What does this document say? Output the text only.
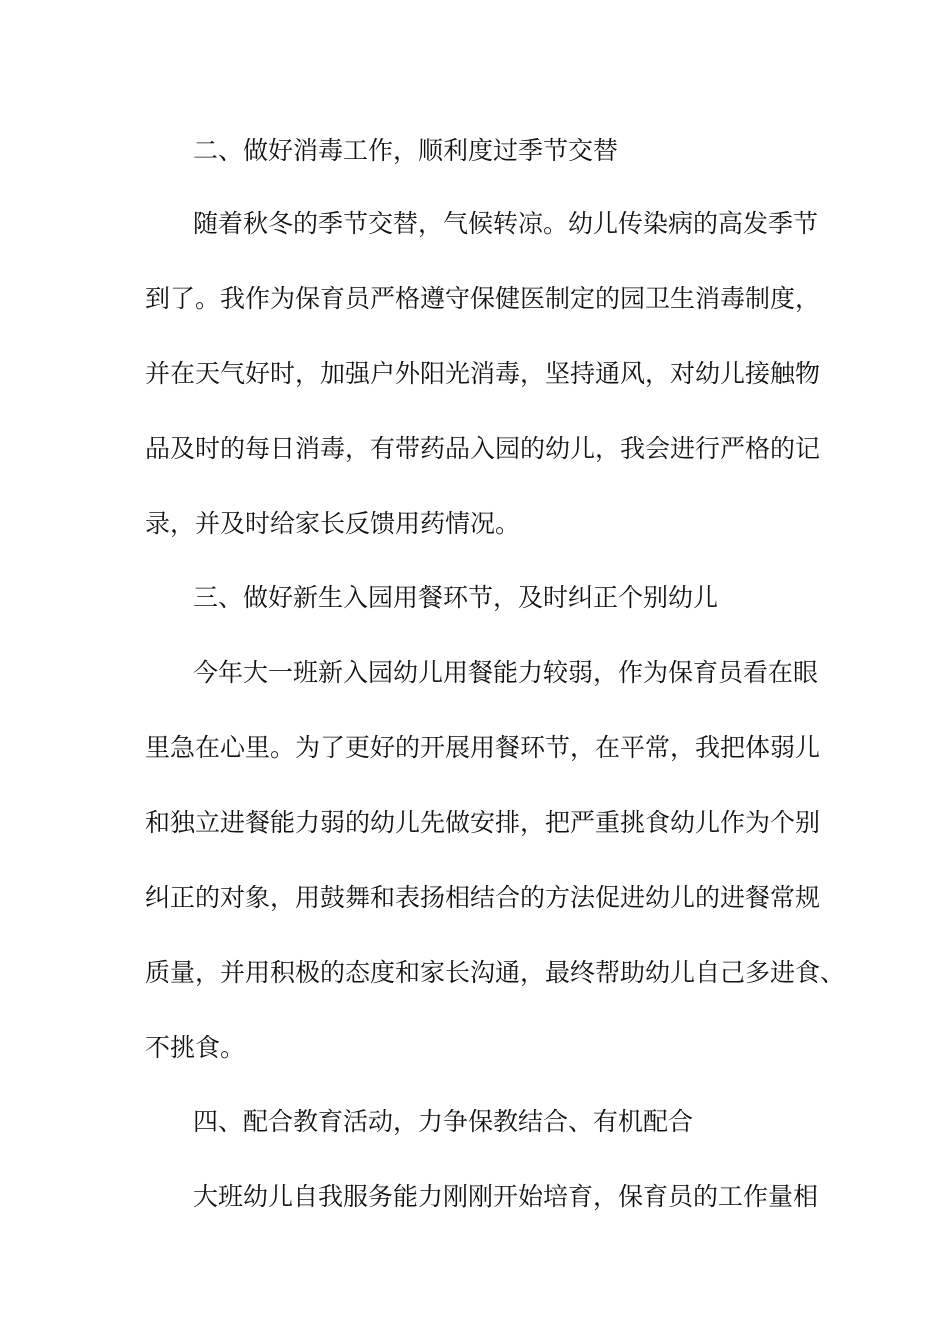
二、做好消毒工作，顺利度过季节交替
随着秋冬的季节交替，气候转凉。幼儿传染病的高发季节
到了。我作为保育员严格遵守保健医制定的园卫生消毒制度，
并在天气好时，加强户外阳光消毒，坚持通风，对幼儿接触物
品及时的每日消毒，有带药品入园的幼儿，我会进行严格的记
录，并及时给家长反馈用药情况。
三、做好新生入园用餐环节，及时纠正个别幼儿
今年大一班新入园幼儿用餐能力较弱，作为保育员看在眼
里急在心里。为了更好的开展用餐环节，在平常，我把体弱儿
和独立进餐能力弱的幼儿先做安排，把严重挑食幼儿作为个别
纠正的对象，用鼓舞和表扬相结合的方法促进幼儿的进餐常规
质量，并用积极的态度和家长沟通，最终帮助幼儿自己多进食、
不挑食。
四、配合教育活动，力争保教结合、有机配合
大班幼儿自我服务能力刚刚开始培育，保育员的工作量相
